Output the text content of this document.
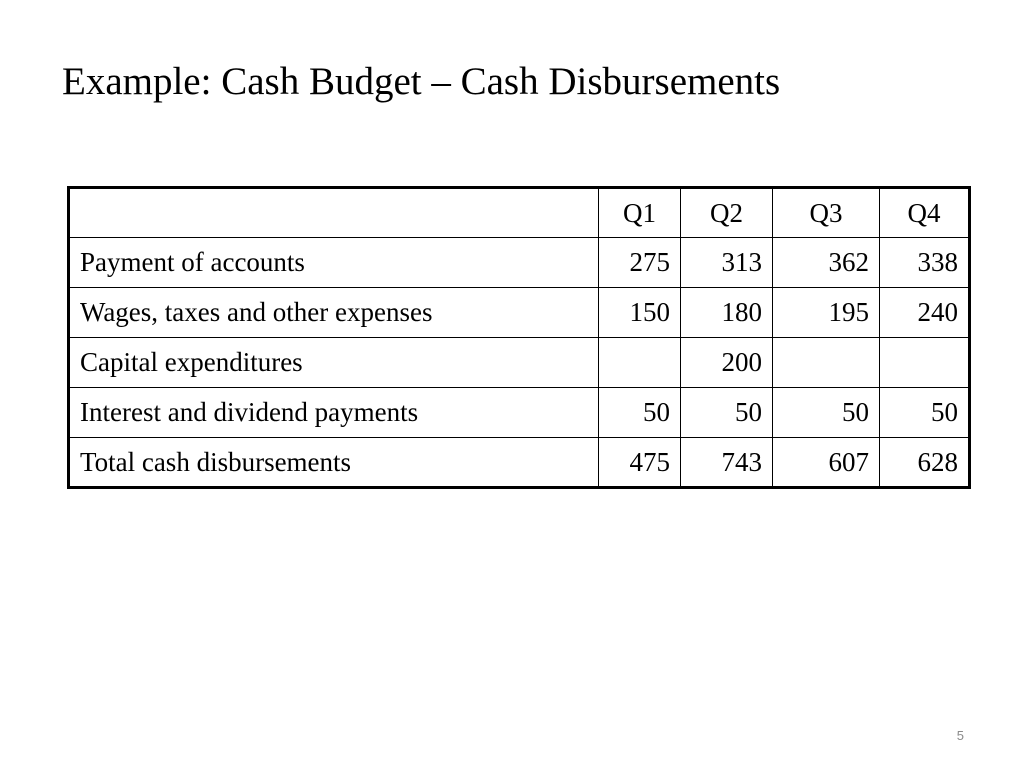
Example: Cash Budget – Cash Disbursements
	Q1	Q2	Q3	Q4
Payment of accounts	275	313	362	338
Wages, taxes and other expenses	150	180	195	240
Capital expenditures		200		
Interest and dividend payments	50	50	50	50
Total cash disbursements	475	743	607	628
5
